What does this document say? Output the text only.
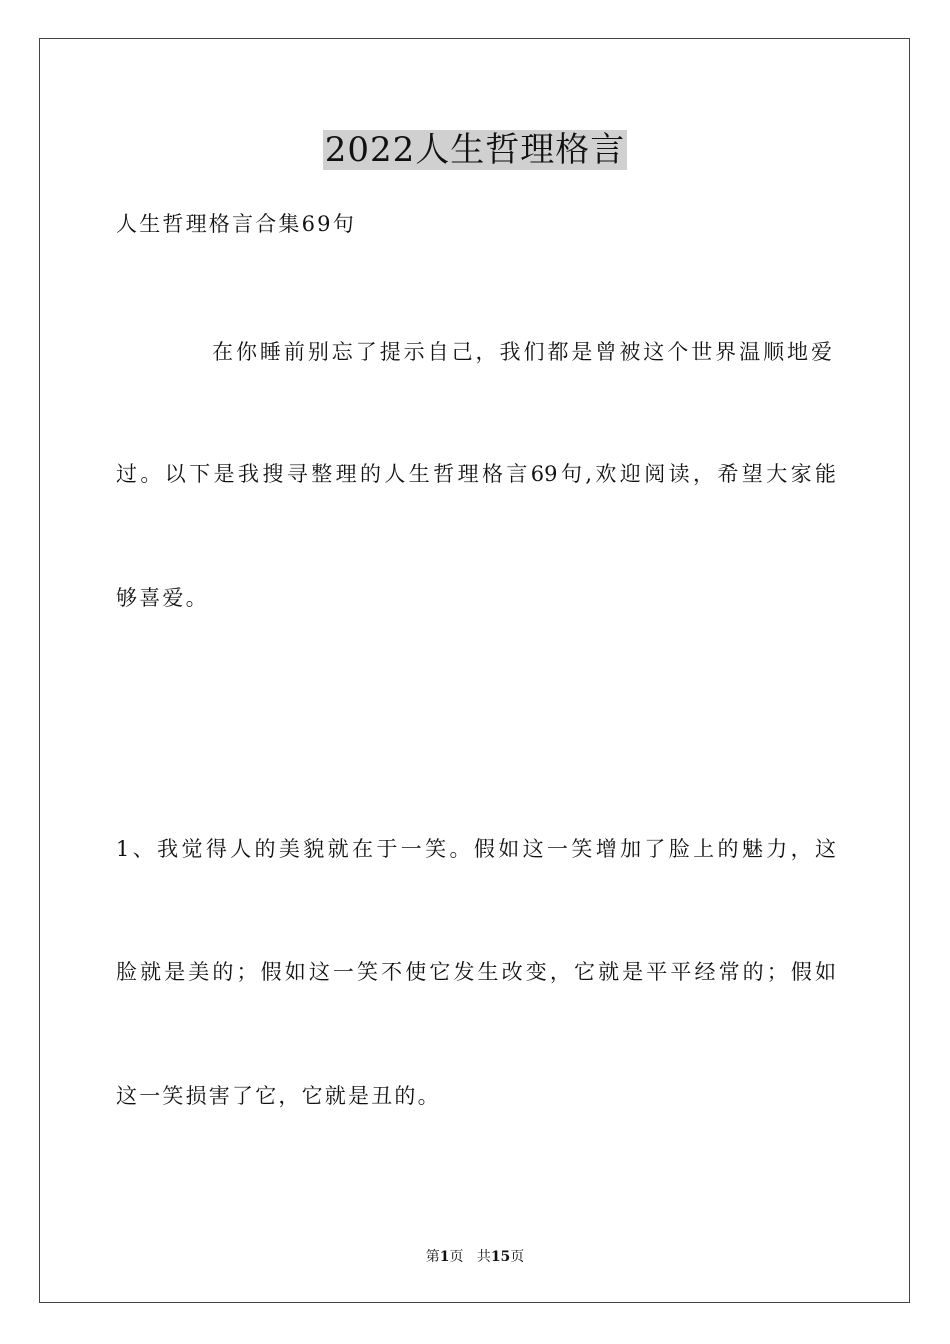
2022人生哲理格言

人生哲理格言合集69句

在你睡前别忘了提示自己，我们都是曾被这个世界温顺地爱

过。以下是我搜寻整理的人生哲理格言69句,欢迎阅读，希望大家能

够喜爱。

1、我觉得人的美貌就在于一笑。假如这一笑增加了脸上的魅力，这

脸就是美的；假如这一笑不使它发生改变，它就是平平经常的；假如

这一笑损害了它，它就是丑的。

第1页 共15页
